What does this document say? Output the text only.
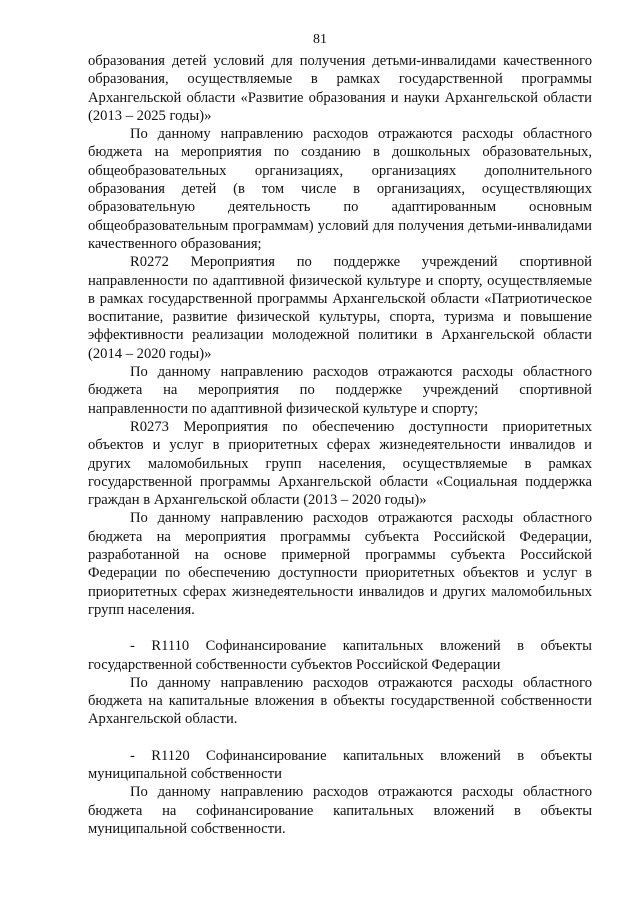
81

образования детей условий для получения детьми-инвалидами качественного образования, осуществляемые в рамках государственной программы Архангельской области «Развитие образования и науки Архангельской области (2013 – 2025 годы)»

По данному направлению расходов отражаются расходы областного бюджета на мероприятия по созданию в дошкольных образовательных, общеобразовательных организациях, организациях дополнительного образования детей (в том числе в организациях, осуществляющих образовательную деятельность по адаптированным основным общеобразовательным программам) условий для получения детьми-инвалидами качественного образования;

R0272 Мероприятия по поддержке учреждений спортивной направленности по адаптивной физической культуре и спорту, осуществляемые в рамках государственной программы Архангельской области «Патриотическое воспитание, развитие физической культуры, спорта, туризма и повышение эффективности реализации молодежной политики в Архангельской области (2014 – 2020 годы)»

По данному направлению расходов отражаются расходы областного бюджета на мероприятия по поддержке учреждений спортивной направленности по адаптивной физической культуре и спорту;

R0273 Мероприятия по обеспечению доступности приоритетных объектов и услуг в приоритетных сферах жизнедеятельности инвалидов и других маломобильных групп населения, осуществляемые в рамках государственной программы Архангельской области «Социальная поддержка граждан в Архангельской области (2013 – 2020 годы)»

По данному направлению расходов отражаются расходы областного бюджета на мероприятия программы субъекта Российской Федерации, разработанной на основе примерной программы субъекта Российской Федерации по обеспечению доступности приоритетных объектов и услуг в приоритетных сферах жизнедеятельности инвалидов и других маломобильных групп населения.

- R1110 Софинансирование капитальных вложений в объекты государственной собственности субъектов Российской Федерации

По данному направлению расходов отражаются расходы областного бюджета на капитальные вложения в объекты государственной собственности Архангельской области.

- R1120 Софинансирование капитальных вложений в объекты муниципальной собственности

По данному направлению расходов отражаются расходы областного бюджета на софинансирование капитальных вложений в объекты муниципальной собственности.
